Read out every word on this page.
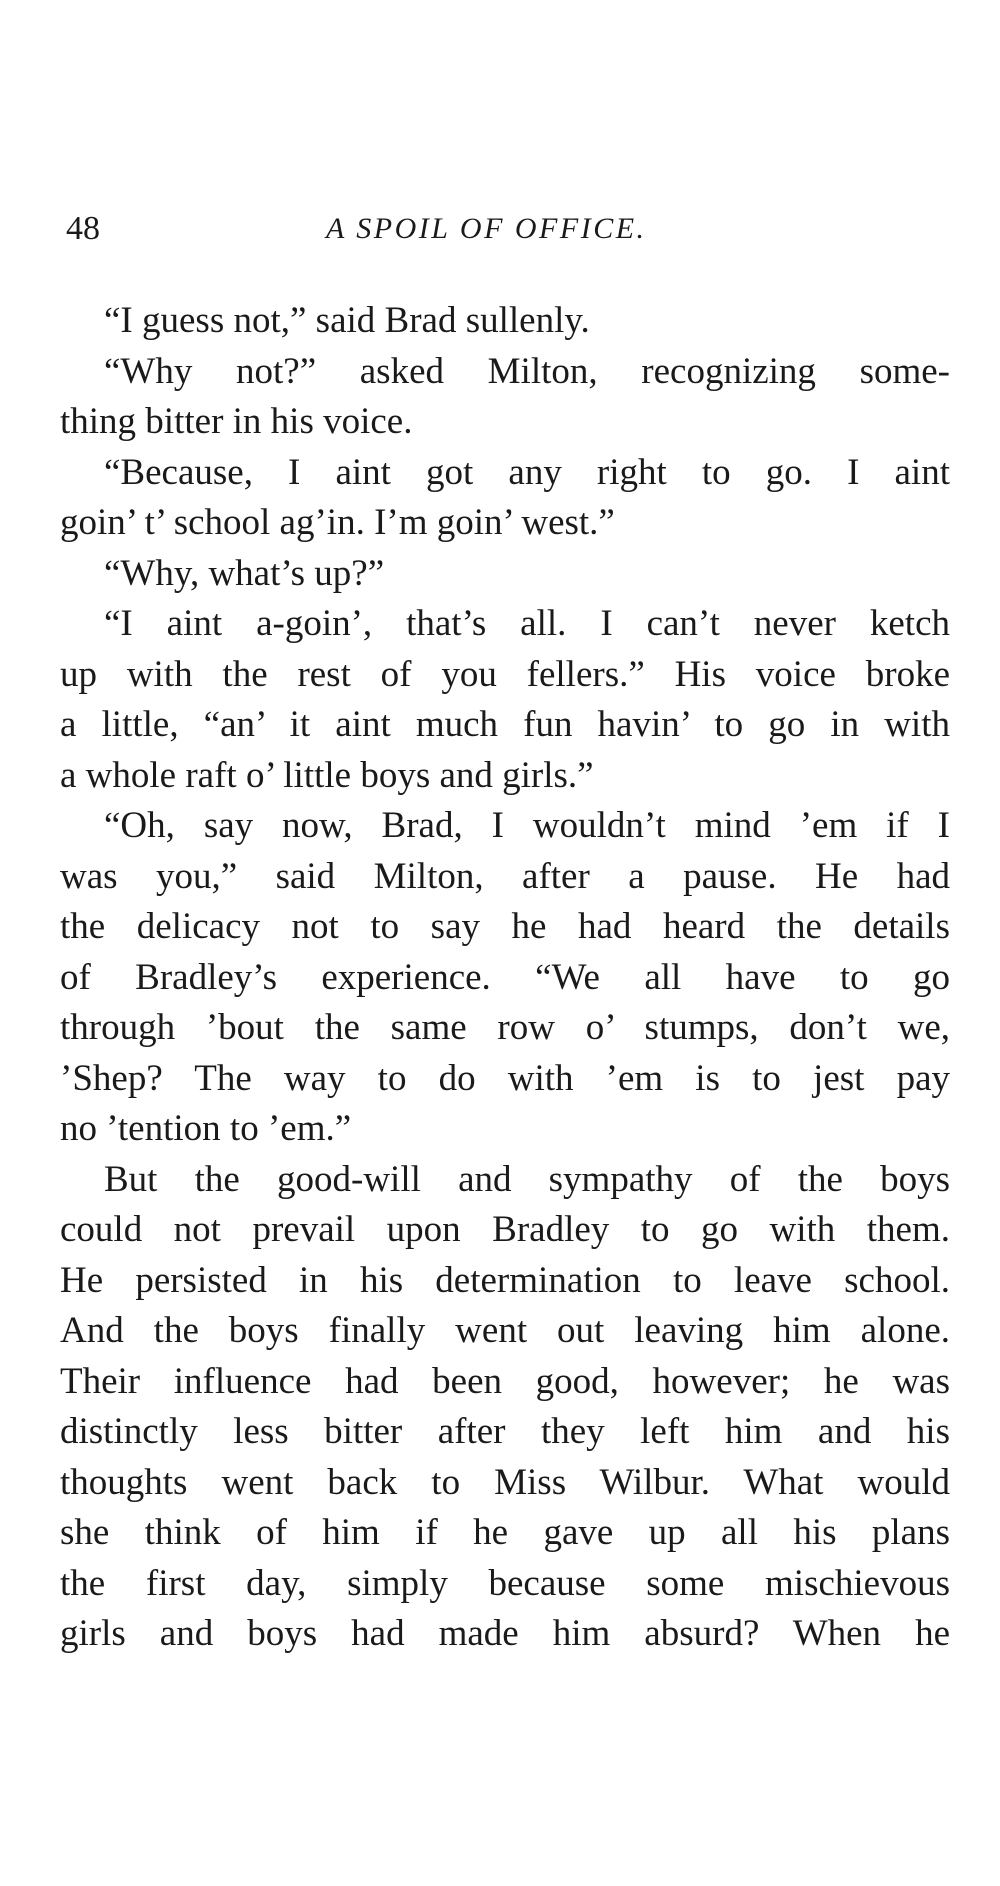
48	A SPOIL OF OFFICE.

“I guess not,” said Brad sullenly.

“Why not?” asked Milton, recognizing some-
thing bitter in his voice.

“Because, I aint got any right to go. I aint
goin’ t’ school ag’in. I’m goin’ west.”

“Why, what’s up?”

“I aint a-goin’, that’s all. I can’t never ketch
up with the rest of you fellers.” His voice broke
a little, “an’ it aint much fun havin’ to go in with
a whole raft o’ little boys and girls.”

“Oh, say now, Brad, I wouldn’t mind ’em if I
was you,” said Milton, after a pause. He had
the delicacy not to say he had heard the details
of Bradley’s experience. “We all have to go
through ’bout the same row o’ stumps, don’t we,
’Shep? The way to do with ’em is to jest pay
no ’tention to ’em.”

But the good-will and sympathy of the boys
could not prevail upon Bradley to go with them.
He persisted in his determination to leave school.
And the boys finally went out leaving him alone.
Their influence had been good, however; he was
distinctly less bitter after they left him and his
thoughts went back to Miss Wilbur. What would
she think of him if he gave up all his plans
the first day, simply because some mischievous
girls and boys had made him absurd? When he
